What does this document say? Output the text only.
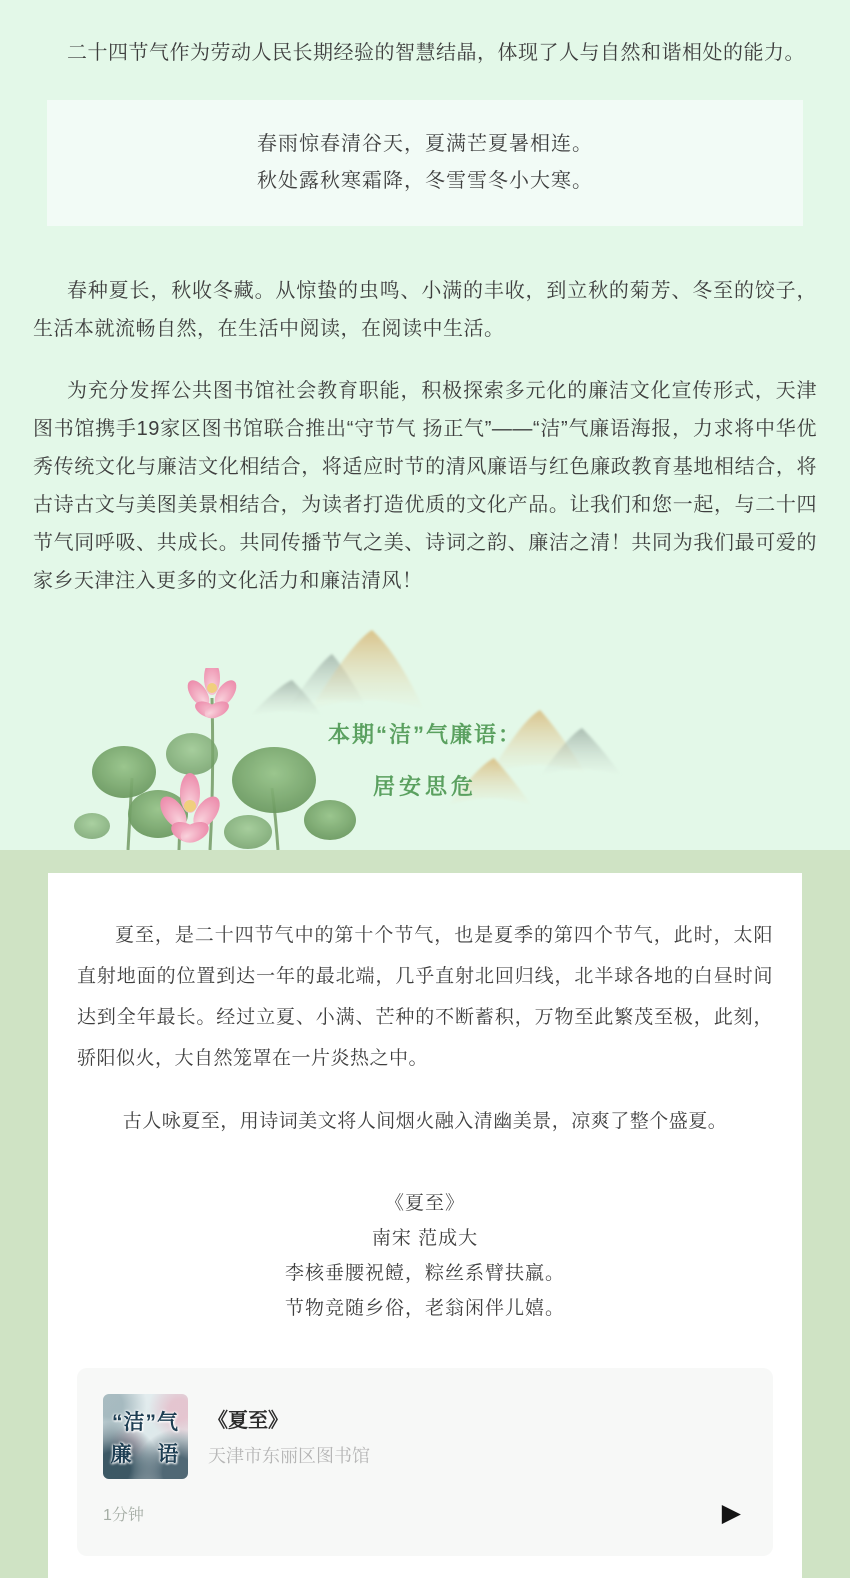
二十四节气作为劳动人民长期经验的智慧结晶，体现了人与自然和谐相处的能力。

春雨惊春清谷天，夏满芒夏暑相连。
秋处露秋寒霜降，冬雪雪冬小大寒。

春种夏长，秋收冬藏。从惊蛰的虫鸣、小满的丰收，到立秋的菊芳、冬至的饺子，生活本就流畅自然，在生活中阅读，在阅读中生活。

为充分发挥公共图书馆社会教育职能，积极探索多元化的廉洁文化宣传形式，天津图书馆携手19家区图书馆联合推出“守节气 扬正气”——“洁”气廉语海报，力求将中华优秀传统文化与廉洁文化相结合，将适应时节的清风廉语与红色廉政教育基地相结合，将古诗古文与美图美景相结合，为读者打造优质的文化产品。让我们和您一起，与二十四节气同呼吸、共成长。共同传播节气之美、诗词之韵、廉洁之清！共同为我们最可爱的家乡天津注入更多的文化活力和廉洁清风！

本期“洁”气廉语：
居安思危

夏至，是二十四节气中的第十个节气，也是夏季的第四个节气，此时，太阳直射地面的位置到达一年的最北端，几乎直射北回归线，北半球各地的白昼时间达到全年最长。经过立夏、小满、芒种的不断蓄积，万物至此繁茂至极，此刻，骄阳似火，大自然笼罩在一片炎热之中。

古人咏夏至，用诗词美文将人间烟火融入清幽美景，凉爽了整个盛夏。

《夏至》
南宋 范成大
李核垂腰祝饐，粽丝系臂扶羸。
节物竞随乡俗，老翁闲伴儿嬉。
“洁”气
廉 语
《夏至》
天津市东丽区图书馆
1分钟	▶
